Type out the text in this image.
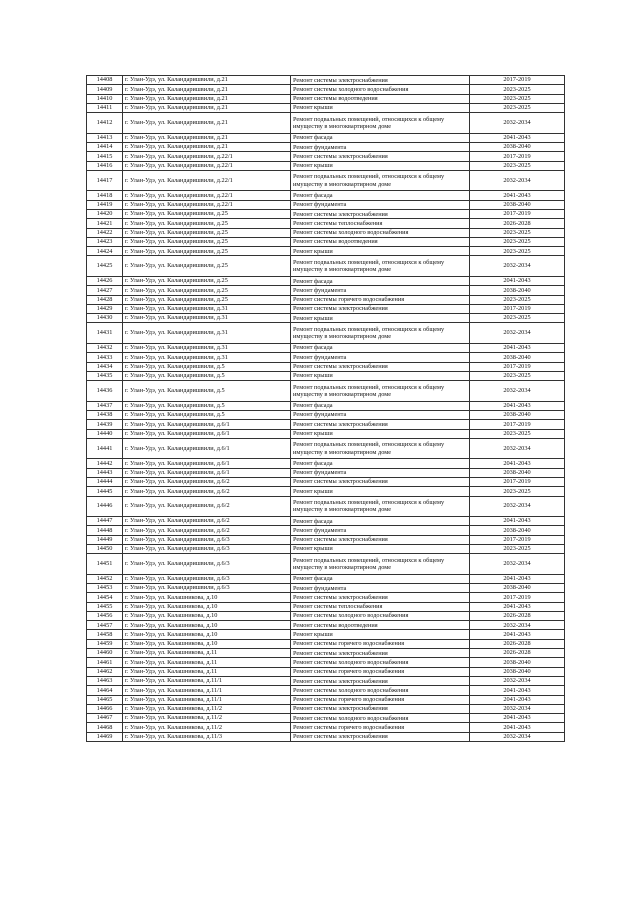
14408	г. Улан-Удэ, ул. Каландаришвили, д.21	Ремонт системы электроснабжения	2017-2019
14409	г. Улан-Удэ, ул. Каландаришвили, д.21	Ремонт системы холодного водоснабжения	2023-2025
14410	г. Улан-Удэ, ул. Каландаришвили, д.21	Ремонт системы водоотведения	2023-2025
14411	г. Улан-Удэ, ул. Каландаришвили, д.21	Ремонт крыши	2023-2025
14412	г. Улан-Удэ, ул. Каландаришвили, д.21	Ремонт подвальных помещений, относящихся к общему имуществу в многоквартирном доме	2032-2034
14413	г. Улан-Удэ, ул. Каландаришвили, д.21	Ремонт фасада	2041-2043
14414	г. Улан-Удэ, ул. Каландаришвили, д.21	Ремонт фундамента	2038-2040
14415	г. Улан-Удэ, ул. Каландаришвили, д.22/1	Ремонт системы электроснабжения	2017-2019
14416	г. Улан-Удэ, ул. Каландаришвили, д.22/1	Ремонт крыши	2023-2025
14417	г. Улан-Удэ, ул. Каландаришвили, д.22/1	Ремонт подвальных помещений, относящихся к общему имуществу в многоквартирном доме	2032-2034
14418	г. Улан-Удэ, ул. Каландаришвили, д.22/1	Ремонт фасада	2041-2043
14419	г. Улан-Удэ, ул. Каландаришвили, д.22/1	Ремонт фундамента	2038-2040
14420	г. Улан-Удэ, ул. Каландаришвили, д.25	Ремонт системы электроснабжения	2017-2019
14421	г. Улан-Удэ, ул. Каландаришвили, д.25	Ремонт системы теплоснабжения	2026-2028
14422	г. Улан-Удэ, ул. Каландаришвили, д.25	Ремонт системы холодного водоснабжения	2023-2025
14423	г. Улан-Удэ, ул. Каландаришвили, д.25	Ремонт системы водоотведения	2023-2025
14424	г. Улан-Удэ, ул. Каландаришвили, д.25	Ремонт крыши	2023-2025
14425	г. Улан-Удэ, ул. Каландаришвили, д.25	Ремонт подвальных помещений, относящихся к общему имуществу в многоквартирном доме	2032-2034
14426	г. Улан-Удэ, ул. Каландаришвили, д.25	Ремонт фасада	2041-2043
14427	г. Улан-Удэ, ул. Каландаришвили, д.25	Ремонт фундамента	2038-2040
14428	г. Улан-Удэ, ул. Каландаришвили, д.25	Ремонт системы горячего водоснабжения	2023-2025
14429	г. Улан-Удэ, ул. Каландаришвили, д.31	Ремонт системы электроснабжения	2017-2019
14430	г. Улан-Удэ, ул. Каландаришвили, д.31	Ремонт крыши	2023-2025
14431	г. Улан-Удэ, ул. Каландаришвили, д.31	Ремонт подвальных помещений, относящихся к общему имуществу в многоквартирном доме	2032-2034
14432	г. Улан-Удэ, ул. Каландаришвили, д.31	Ремонт фасада	2041-2043
14433	г. Улан-Удэ, ул. Каландаришвили, д.31	Ремонт фундамента	2038-2040
14434	г. Улан-Удэ, ул. Каландаришвили, д.5	Ремонт системы электроснабжения	2017-2019
14435	г. Улан-Удэ, ул. Каландаришвили, д.5	Ремонт крыши	2023-2025
14436	г. Улан-Удэ, ул. Каландаришвили, д.5	Ремонт подвальных помещений, относящихся к общему имуществу в многоквартирном доме	2032-2034
14437	г. Улан-Удэ, ул. Каландаришвили, д.5	Ремонт фасада	2041-2043
14438	г. Улан-Удэ, ул. Каландаришвили, д.5	Ремонт фундамента	2038-2040
14439	г. Улан-Удэ, ул. Каландаришвили, д.6/1	Ремонт системы электроснабжения	2017-2019
14440	г. Улан-Удэ, ул. Каландаришвили, д.6/1	Ремонт крыши	2023-2025
14441	г. Улан-Удэ, ул. Каландаришвили, д.6/1	Ремонт подвальных помещений, относящихся к общему имуществу в многоквартирном доме	2032-2034
14442	г. Улан-Удэ, ул. Каландаришвили, д.6/1	Ремонт фасада	2041-2043
14443	г. Улан-Удэ, ул. Каландаришвили, д.6/1	Ремонт фундамента	2038-2040
14444	г. Улан-Удэ, ул. Каландаришвили, д.6/2	Ремонт системы электроснабжения	2017-2019
14445	г. Улан-Удэ, ул. Каландаришвили, д.6/2	Ремонт крыши	2023-2025
14446	г. Улан-Удэ, ул. Каландаришвили, д.6/2	Ремонт подвальных помещений, относящихся к общему имуществу в многоквартирном доме	2032-2034
14447	г. Улан-Удэ, ул. Каландаришвили, д.6/2	Ремонт фасада	2041-2043
14448	г. Улан-Удэ, ул. Каландаришвили, д.6/2	Ремонт фундамента	2038-2040
14449	г. Улан-Удэ, ул. Каландаришвили, д.6/3	Ремонт системы электроснабжения	2017-2019
14450	г. Улан-Удэ, ул. Каландаришвили, д.6/3	Ремонт крыши	2023-2025
14451	г. Улан-Удэ, ул. Каландаришвили, д.6/3	Ремонт подвальных помещений, относящихся к общему имуществу в многоквартирном доме	2032-2034
14452	г. Улан-Удэ, ул. Каландаришвили, д.6/3	Ремонт фасада	2041-2043
14453	г. Улан-Удэ, ул. Каландаришвили, д.6/3	Ремонт фундамента	2038-2040
14454	г. Улан-Удэ, ул. Калашникова, д.10	Ремонт системы электроснабжения	2017-2019
14455	г. Улан-Удэ, ул. Калашникова, д.10	Ремонт системы теплоснабжения	2041-2043
14456	г. Улан-Удэ, ул. Калашникова, д.10	Ремонт системы холодного водоснабжения	2026-2028
14457	г. Улан-Удэ, ул. Калашникова, д.10	Ремонт системы водоотведения	2032-2034
14458	г. Улан-Удэ, ул. Калашникова, д.10	Ремонт крыши	2041-2043
14459	г. Улан-Удэ, ул. Калашникова, д.10	Ремонт системы горячего водоснабжения	2026-2028
14460	г. Улан-Удэ, ул. Калашникова, д.11	Ремонт системы электроснабжения	2026-2028
14461	г. Улан-Удэ, ул. Калашникова, д.11	Ремонт системы холодного водоснабжения	2038-2040
14462	г. Улан-Удэ, ул. Калашникова, д.11	Ремонт системы горячего водоснабжения	2038-2040
14463	г. Улан-Удэ, ул. Калашникова, д.11/1	Ремонт системы электроснабжения	2032-2034
14464	г. Улан-Удэ, ул. Калашникова, д.11/1	Ремонт системы холодного водоснабжения	2041-2043
14465	г. Улан-Удэ, ул. Калашникова, д.11/1	Ремонт системы горячего водоснабжения	2041-2043
14466	г. Улан-Удэ, ул. Калашникова, д.11/2	Ремонт системы электроснабжения	2032-2034
14467	г. Улан-Удэ, ул. Калашникова, д.11/2	Ремонт системы холодного водоснабжения	2041-2043
14468	г. Улан-Удэ, ул. Калашникова, д.11/2	Ремонт системы горячего водоснабжения	2041-2043
14469	г. Улан-Удэ, ул. Калашникова, д.11/3	Ремонт системы электроснабжения	2032-2034
